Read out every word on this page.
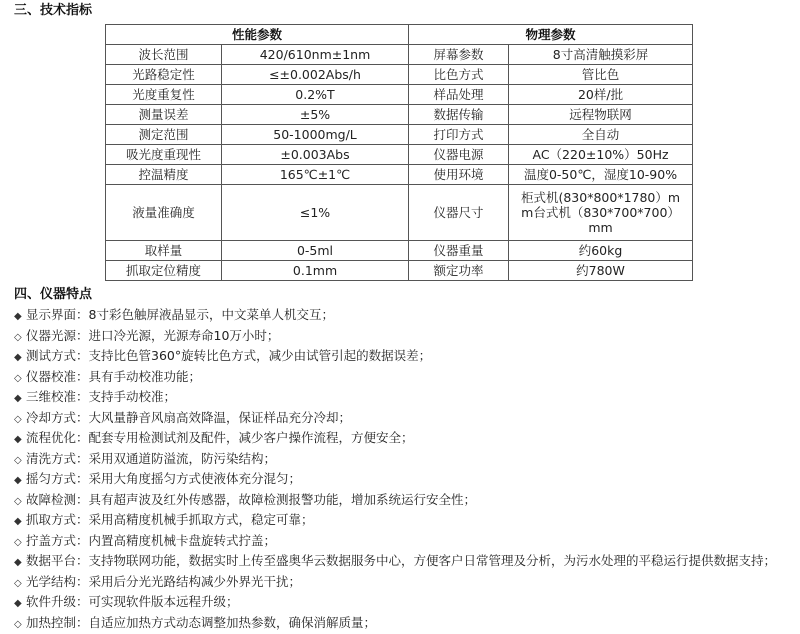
三、技术指标
性能参数		物理参数	
波长范围	420/610nm±1nm	屏幕参数	8寸高清触摸彩屏
光路稳定性	≤±0.002Abs/h	比色方式	管比色
光度重复性	0.2%T	样品处理	20样/批
测量误差	±5%	数据传输	远程物联网
测定范围	50-1000mg/L	打印方式	全自动
吸光度重现性	±0.003Abs	仪器电源	AC（220±10%）50Hz
控温精度	165℃±1℃	使用环境	温度0-50℃，湿度10-90%
液量准确度	≤1%	仪器尺寸	柜式机(830*800*1780）m
m台式机（830*700*700）
mm

取样量	0-5ml	仪器重量	约60kg
抓取定位精度	0.1mm	额定功率	约780W
四、仪器特点
◆ 显示界面：8寸彩色触屏液晶显示，中文菜单人机交互；
◇ 仪器光源：进口冷光源，光源寿命10万小时；
◆ 测试方式：支持比色管360°旋转比色方式，减少由试管引起的数据误差；
◇ 仪器校准：具有手动校准功能；
◆ 三维校准：支持手动校准；
◇ 冷却方式：大风量静音风扇高效降温，保证样品充分冷却；
◆ 流程优化：配套专用检测试剂及配件，减少客户操作流程，方便安全；
◇ 清洗方式：采用双通道防溢流，防污染结构；
◆ 摇匀方式：采用大角度摇匀方式使液体充分混匀；
◇ 故障检测：具有超声波及红外传感器，故障检测报警功能，增加系统运行安全性；
◆ 抓取方式：采用高精度机械手抓取方式，稳定可靠；
◇ 拧盖方式：内置高精度机械卡盘旋转式拧盖；
◆ 数据平台：支持物联网功能，数据实时上传至盛奥华云数据服务中心，方便客户日常管理及分析，为污水处理的平稳运行提供数据支持；
◇ 光学结构：采用后分光光路结构减少外界光干扰；
◆ 软件升级：可实现软件版本远程升级；
◇ 加热控制：自适应加热方式动态调整加热参数，确保消解质量；
